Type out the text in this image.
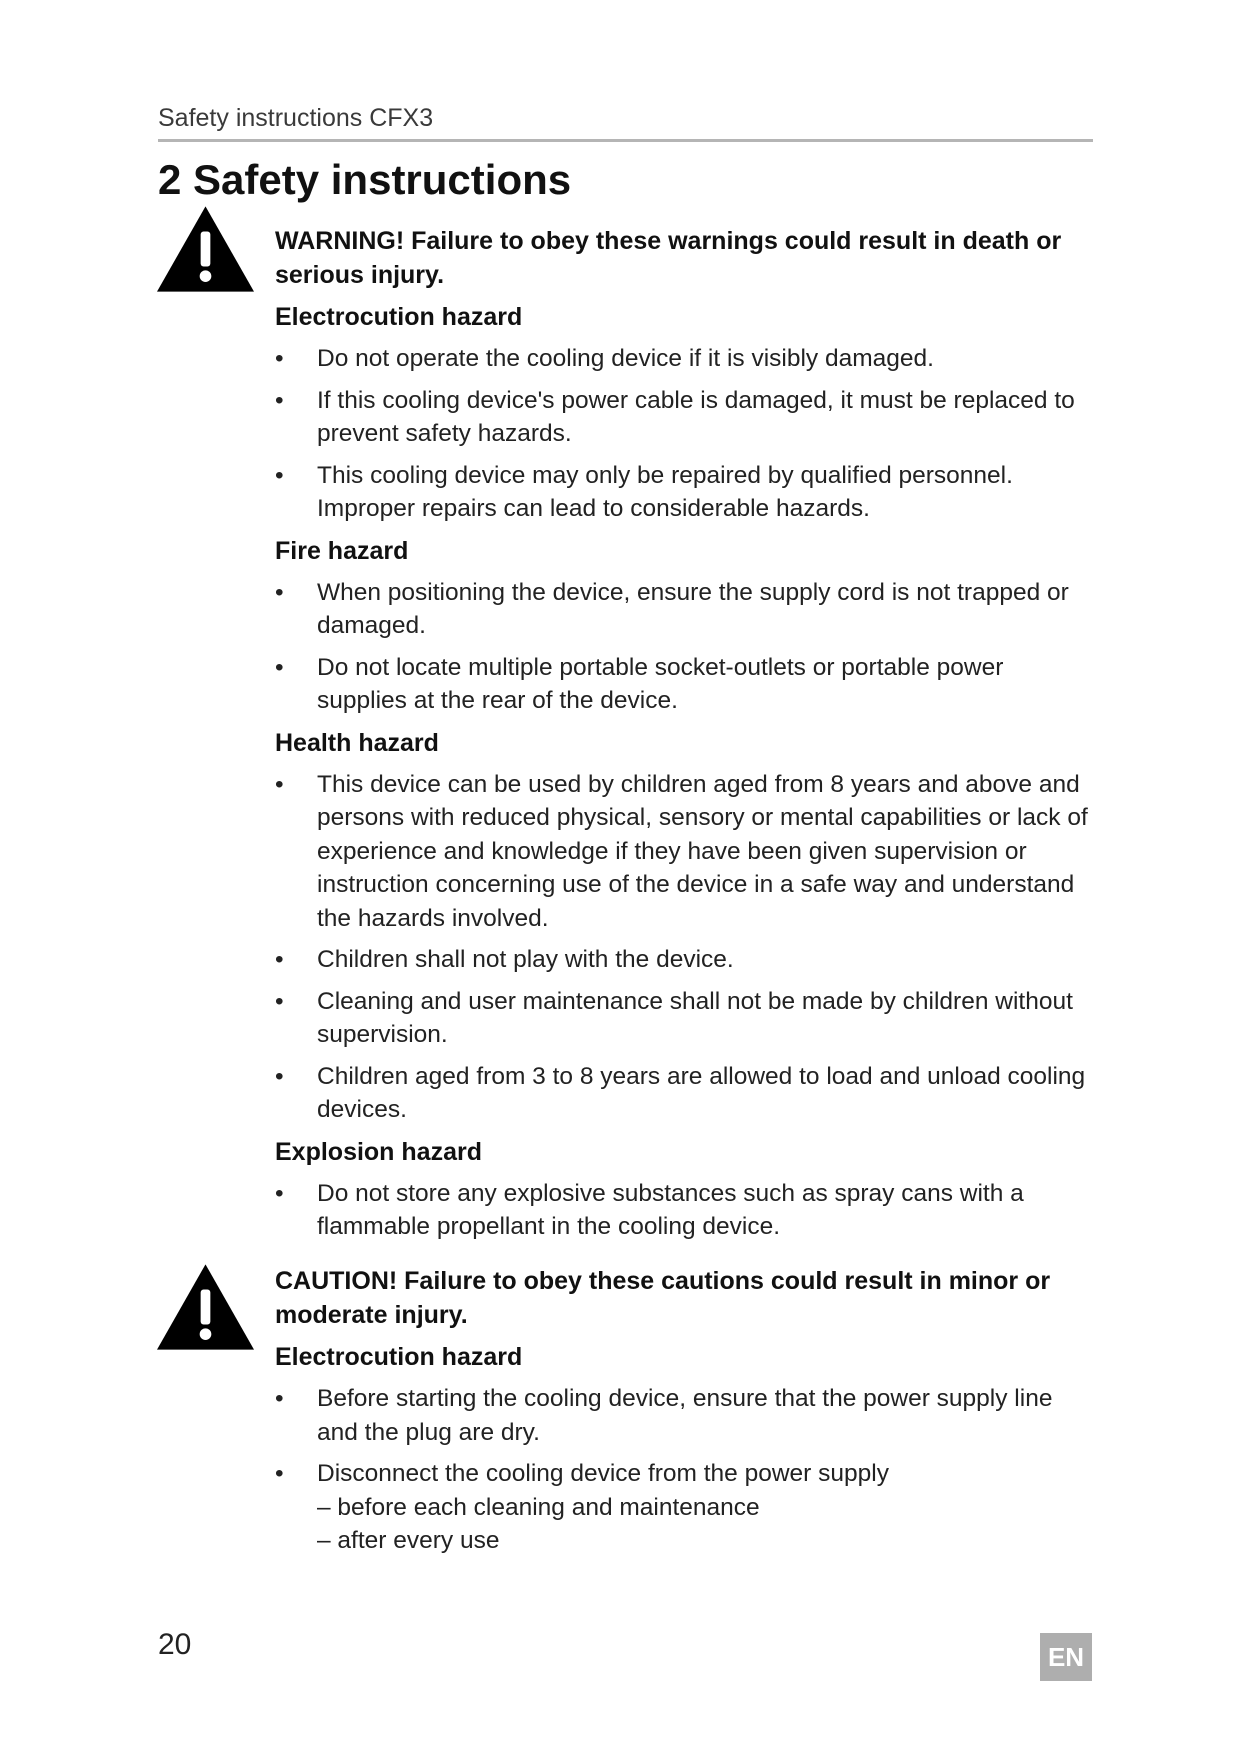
Safety instructions CFX3
2 Safety instructions

WARNING! Failure to obey these warnings could result in death or serious injury.

Electrocution hazard

• Do not operate the cooling device if it is visibly damaged.
• If this cooling device's power cable is damaged, it must be replaced to prevent safety hazards.
• This cooling device may only be repaired by qualified personnel. Improper repairs can lead to considerable hazards.

Fire hazard

• When positioning the device, ensure the supply cord is not trapped or damaged.
• Do not locate multiple portable socket-outlets or portable power supplies at the rear of the device.

Health hazard

• This device can be used by children aged from 8 years and above and persons with reduced physical, sensory or mental capabilities or lack of experience and knowledge if they have been given supervision or instruction concerning use of the device in a safe way and understand the hazards involved.
• Children shall not play with the device.
• Cleaning and user maintenance shall not be made by children without supervision.
• Children aged from 3 to 8 years are allowed to load and unload cooling devices.

Explosion hazard

• Do not store any explosive substances such as spray cans with a flammable propellant in the cooling device.

CAUTION! Failure to obey these cautions could result in minor or moderate injury.

Electrocution hazard

• Before starting the cooling device, ensure that the power supply line and the plug are dry.
• Disconnect the cooling device from the power supply
– before each cleaning and maintenance
– after every use
20	EN
